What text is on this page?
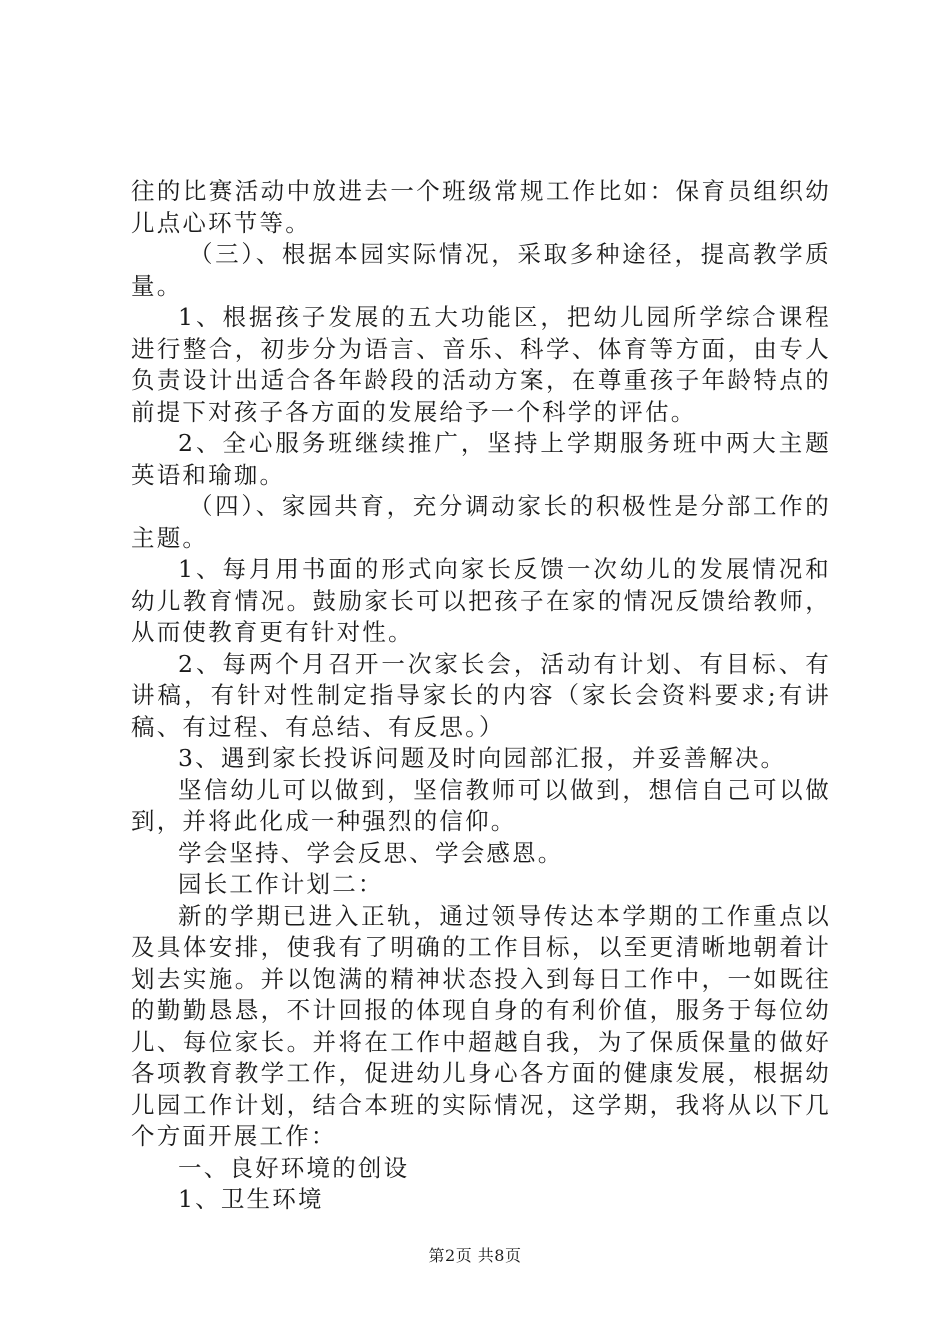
往的比赛活动中放进去一个班级常规工作比如：保育员组织幼儿点心环节等。

（三）、根据本园实际情况，采取多种途径，提高教学质量。

1、根据孩子发展的五大功能区，把幼儿园所学综合课程进行整合，初步分为语言、音乐、科学、体育等方面，由专人负责设计出适合各年龄段的活动方案，在尊重孩子年龄特点的前提下对孩子各方面的发展给予一个科学的评估。

2、全心服务班继续推广，坚持上学期服务班中两大主题英语和瑜珈。

（四）、家园共育，充分调动家长的积极性是分部工作的主题。

1、每月用书面的形式向家长反馈一次幼儿的发展情况和幼儿教育情况。鼓励家长可以把孩子在家的情况反馈给教师，从而使教育更有针对性。

2、每两个月召开一次家长会，活动有计划、有目标、有讲稿，有针对性制定指导家长的内容（家长会资料要求;有讲稿、有过程、有总结、有反思。）

3、遇到家长投诉问题及时向园部汇报，并妥善解决。

坚信幼儿可以做到，坚信教师可以做到，想信自己可以做到，并将此化成一种强烈的信仰。

学会坚持、学会反思、学会感恩。

园长工作计划二：

新的学期已进入正轨，通过领导传达本学期的工作重点以及具体安排，使我有了明确的工作目标，以至更清晰地朝着计划去实施。并以饱满的精神状态投入到每日工作中，一如既往的勤勤恳恳，不计回报的体现自身的有利价值，服务于每位幼儿、每位家长。并将在工作中超越自我，为了保质保量的做好各项教育教学工作，促进幼儿身心各方面的健康发展，根据幼儿园工作计划，结合本班的实际情况，这学期，我将从以下几个方面开展工作：

一、良好环境的创设

1、卫生环境

第2页 共8页
